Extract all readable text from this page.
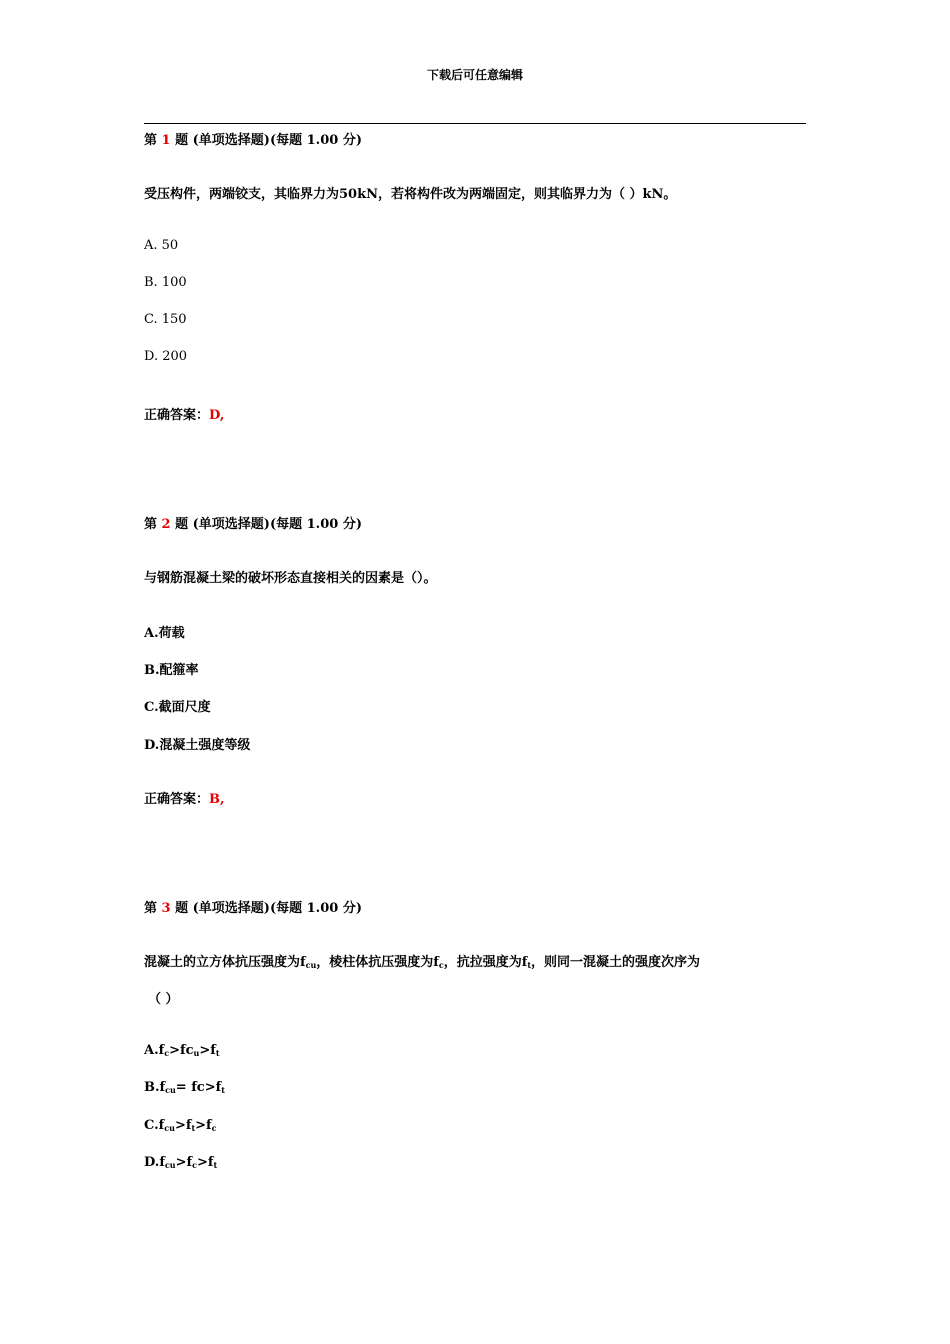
下载后可任意编辑
第 1 题 (单项选择题)(每题 1.00 分)
受压构件，两端铰支，其临界力为50kN，若将构件改为两端固定，则其临界力为（ ）kN。
A. 50
B. 100
C. 150
D. 200
正确答案：D,
第 2 题 (单项选择题)(每题 1.00 分)
与钢筋混凝土梁的破坏形态直接相关的因素是（）。
A.荷载
B.配箍率
C.截面尺度
D.混凝土强度等级
正确答案：B,
第 3 题 (单项选择题)(每题 1.00 分)
混凝土的立方体抗压强度为$f_{cu}$，棱柱体抗压强度为$f_c$，抗拉强度为$f_t$，则同一混凝土的强度次序为
（ ）
$A.f_c>fc_u>f_t$
$B.f_{cu}= fc>f_t$
$C.f_{cu}>f_t>f_c$
$D.f_{cu}>f_c>f_t$
